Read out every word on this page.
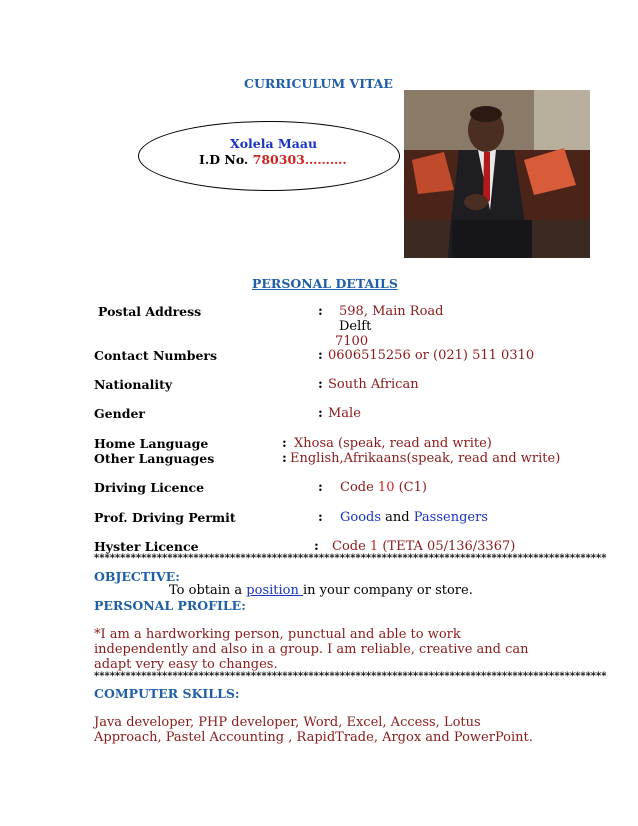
CURRICULUM VITAE
Xolela Maau
I.D No. 780303……….
PERSONAL DETAILS
Postal Address	: 598, Main Road
Delft
7100
Contact Numbers	: 0606515256 or (021) 511 0310
Nationality	: South African
Gender	: Male
Home Language	: Xhosa (speak, read and write)
Other Languages	: English,Afrikaans(speak, read and write)
Driving Licence	: Code 10 (C1)
Prof. Driving Permit	: Goods and Passengers
Hyster Licence	: Code 1 (TETA 05/136/3367)
**************************************************************************************************
OBJECTIVE:
To obtain a position in your company or store.
PERSONAL PROFILE:
*I am a hardworking person, punctual and able to work independently and also in a group. I am reliable, creative and can adapt very easy to changes.
**************************************************************************************************
COMPUTER SKILLS:
Java developer, PHP developer, Word, Excel, Access, Lotus Approach, Pastel Accounting , RapidTrade, Argox and PowerPoint.
